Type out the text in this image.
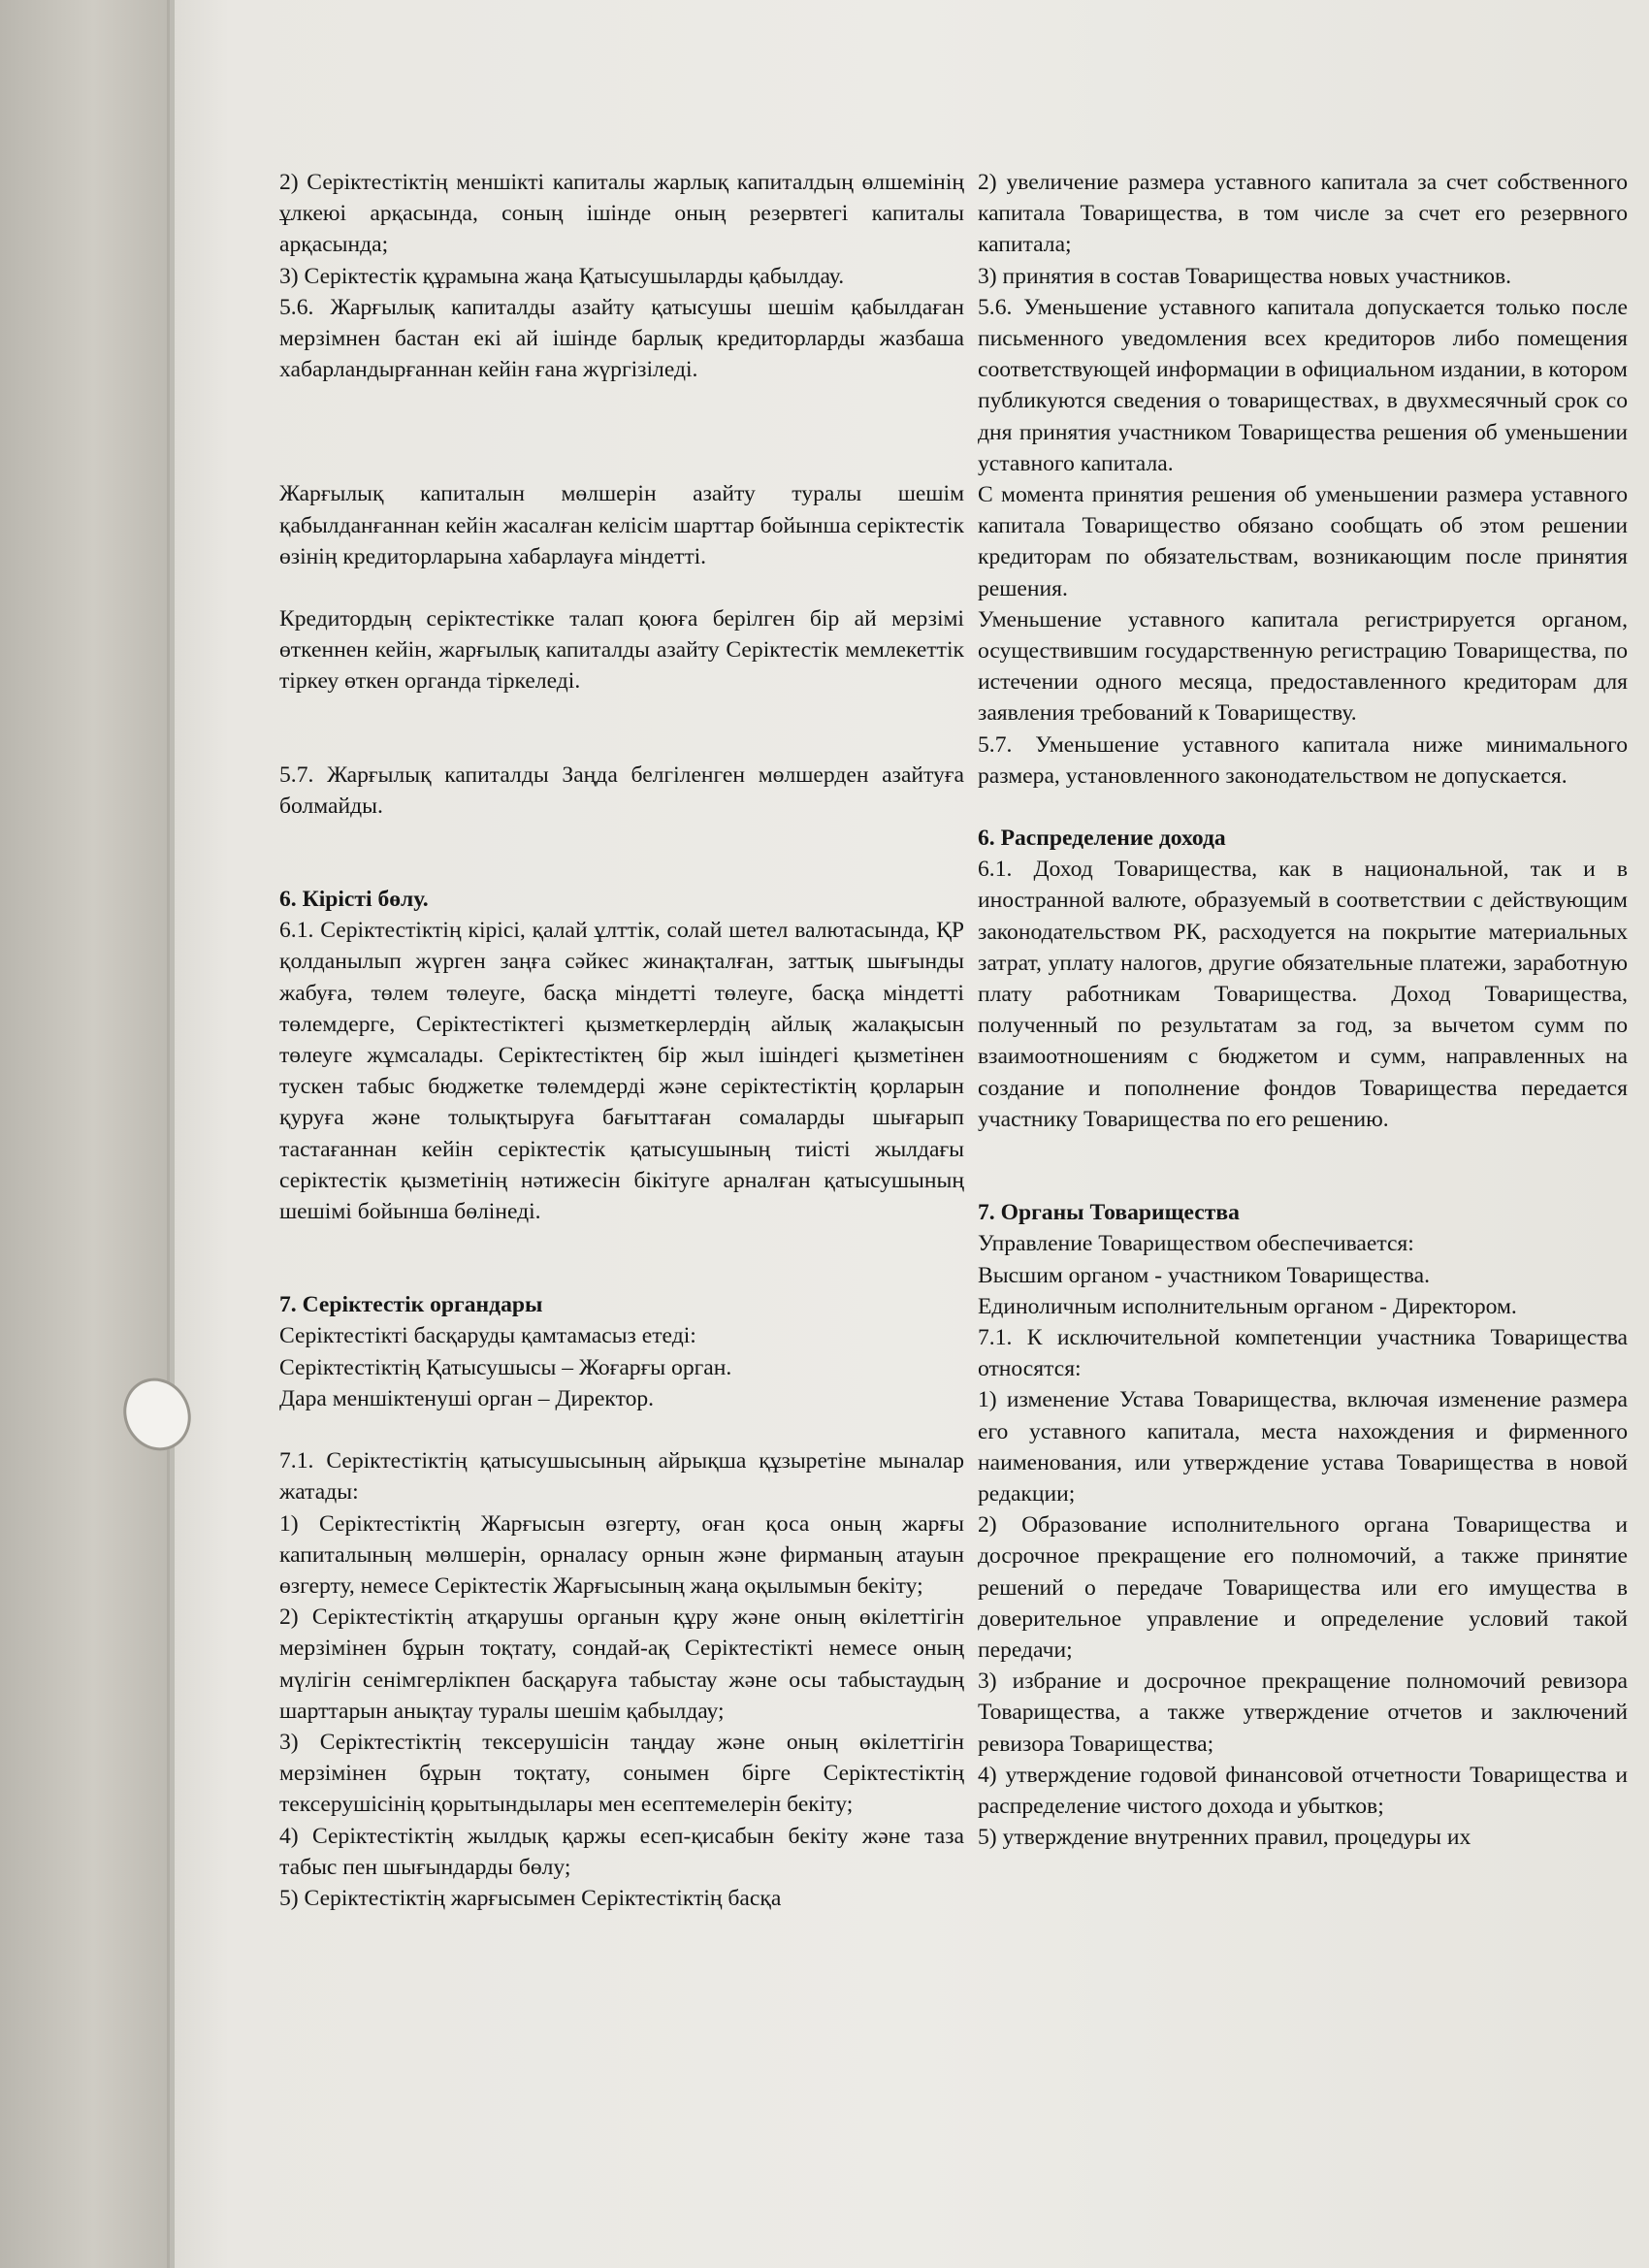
2) Серіктестіктің меншікті капиталы жарлық капиталдың өлшемінің ұлкеюі арқасында, соның ішінде оның резервтегі капиталы арқасында;

3) Серіктестік құрамына жаңа Қатысушыларды қабылдау.

5.6. Жарғылық капиталды азайту қатысушы шешім қабылдаған мерзімнен бастан екі ай ішінде барлық кредиторларды жазбаша хабарландырғаннан кейін ғана жүргізіледі.

Жарғылық капиталын мөлшерін азайту туралы шешім қабылданғаннан кейін жасалған келісім шарттар бойынша серіктестік өзінің кредиторларына хабарлауға міндетті.

Кредитордың серіктестікке талап қоюға берілген бір ай мерзімі өткеннен кейін, жарғылық капиталды азайту Серіктестік мемлекеттік тіркеу өткен органда тіркеледі.

5.7. Жарғылық капиталды Заңда белгіленген мөлшерден азайтуға болмайды.

6. Кірісті бөлу.

6.1. Серіктестіктің кірісі, қалай ұлттік, солай шетел валютасында, ҚР қолданылып жүрген заңға сәйкес жинақталған, заттық шығынды жабуға, төлем төлеуге, басқа міндетті төлеуге, басқа міндетті төлемдерге, Серіктестіктегі қызметкерлердің айлық жалақысын төлеуге жұмсалады. Серіктестіктең бір жыл ішіндегі қызметінен тускен табыс бюджетке төлемдерді және серіктестіктің қорларын қуруға және толықтыруға бағыттаған сомаларды шығарып тастағаннан кейін серіктестік қатысушының тиісті жылдағы серіктестік қызметінің нәтижесін бікітуге арналған қатысушының шешімі бойынша бөлінеді.

7. Серіктестік органдары

Серіктестікті басқаруды қамтамасыз етеді:

Серіктестіктің Қатысушысы – Жоғарғы орган.

Дара меншіктенуші орган – Директор.

7.1. Серіктестіктің қатысушысының айрықша құзыретіне мыналар жатады:

1) Серіктестіктің Жарғысын өзгерту, оған қоса оның жарғы капиталының мөлшерін, орналасу орнын және фирманың атауын өзгерту, немесе Серіктестік Жарғысының жаңа оқылымын бекіту;

2) Серіктестіктің атқарушы органын құру және оның өкілеттігін мерзімінен бұрын тоқтату, сондай-ақ Серіктестікті немесе оның мүлігін сенімгерлікпен басқаруға табыстау және осы табыстаудың шарттарын анықтау туралы шешім қабылдау;

3) Серіктестіктің тексерушісін таңдау және оның өкілеттігін мерзімінен бұрын тоқтату, сонымен бірге Серіктестіктің тексерушісінің қорытындылары мен есептемелерін бекіту;

4) Серіктестіктің жылдық қаржы есеп-қисабын бекіту және таза табыс пен шығындарды бөлу;

5) Серіктестіктің жарғысымен Серіктестіктің басқа

2) увеличение размера уставного капитала за счет собственного капитала Товарищества, в том числе за счет его резервного капитала;

3) принятия в состав Товарищества новых участников.

5.6. Уменьшение уставного капитала допускается только после письменного уведомления всех кредиторов либо помещения соответствующей информации в официальном издании, в котором публикуются сведения о товариществах, в двухмесячный срок со дня принятия участником Товарищества решения об уменьшении уставного капитала.

С момента принятия решения об уменьшении размера уставного капитала Товарищество обязано сообщать об этом решении кредиторам по обязательствам, возникающим после принятия решения.

Уменьшение уставного капитала регистрируется органом, осуществившим государственную регистрацию Товарищества, по истечении одного месяца, предоставленного кредиторам для заявления требований к Товариществу.

5.7. Уменьшение уставного капитала ниже минимального размера, установленного законодательством не допускается.

6. Распределение дохода

6.1. Доход Товарищества, как в национальной, так и в иностранной валюте, образуемый в соответствии с действующим законодательством РК, расходуется на покрытие материальных затрат, уплату налогов, другие обязательные платежи, заработную плату работникам Товарищества. Доход Товарищества, полученный по результатам за год, за вычетом сумм по взаимоотношениям с бюджетом и сумм, направленных на создание и пополнение фондов Товарищества передается участнику Товарищества по его решению.

7. Органы Товарищества

Управление Товариществом обеспечивается:

Высшим органом - участником Товарищества.

Единоличным исполнительным органом - Директором.

7.1. К исключительной компетенции участника Товарищества относятся:

1) изменение Устава Товарищества, включая изменение размера его уставного капитала, места нахождения и фирменного наименования, или утверждение устава Товарищества в новой редакции;

2) Образование исполнительного органа Товарищества и досрочное прекращение его полномочий, а также принятие решений о передаче Товарищества или его имущества в доверительное управление и определение условий такой передачи;

3) избрание и досрочное прекращение полномочий ревизора Товарищества, а также утверждение отчетов и заключений ревизора Товарищества;

4) утверждение годовой финансовой отчетности Товарищества и распределение чистого дохода и убытков;

5) утверждение внутренних правил, процедуры их
